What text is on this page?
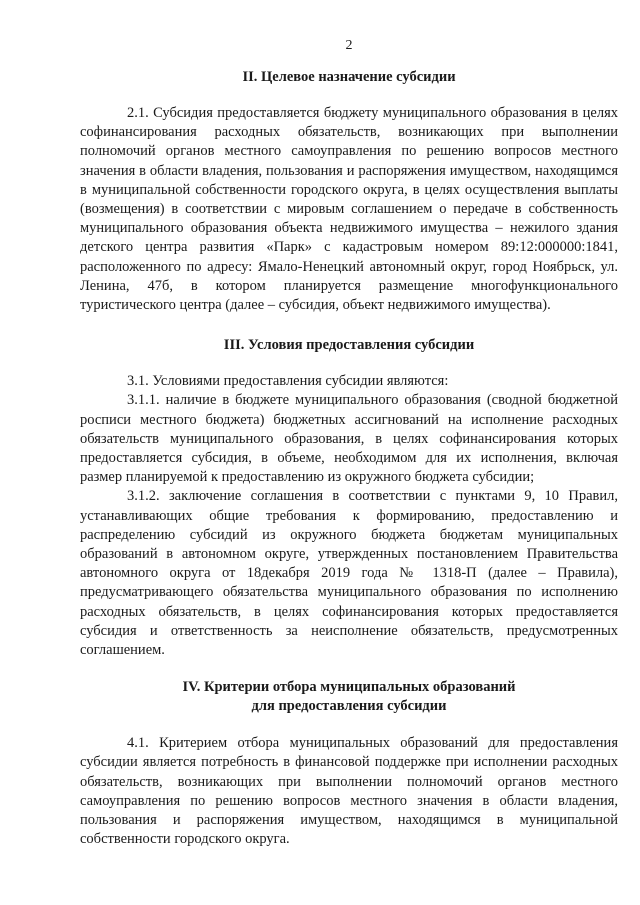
2
II. Целевое назначение субсидии

2.1. Субсидия предоставляется бюджету муниципального образования в целях софинансирования расходных обязательств, возникающих при выполнении полномочий органов местного самоуправления по решению вопросов местного значения в области владения, пользования и распоряжения имуществом, находящимся в муниципальной собственности городского округа, в целях осуществления выплаты (возмещения) в соответствии с мировым соглашением о передаче в собственность муниципального образования объекта недвижимого имущества – нежилого здания детского центра развития «Парк» с кадастровым номером 89:12:000000:1841, расположенного по адресу: Ямало-Ненецкий автономный округ, город Ноябрьск, ул. Ленина, 47б, в котором планируется размещение многофункционального туристического центра (далее – субсидия, объект недвижимого имущества).

III. Условия предоставления субсидии

3.1. Условиями предоставления субсидии являются:

3.1.1. наличие в бюджете муниципального образования (сводной бюджетной росписи местного бюджета) бюджетных ассигнований на исполнение расходных обязательств муниципального образования, в целях софинансирования которых предоставляется субсидия, в объеме, необходимом для их исполнения, включая размер планируемой к предоставлению из окружного бюджета субсидии;

3.1.2. заключение соглашения в соответствии с пунктами 9, 10 Правил, устанавливающих общие требования к формированию, предоставлению и распределению субсидий из окружного бюджета бюджетам муниципальных образований в автономном округе, утвержденных постановлением Правительства автономного округа от 18декабря 2019 года № 1318-П (далее – Правила), предусматривающего обязательства муниципального образования по исполнению расходных обязательств, в целях софинансирования которых предоставляется субсидия и ответственность за неисполнение обязательств, предусмотренных соглашением.

IV. Критерии отбора муниципальных образований
для предоставления субсидии

4.1. Критерием отбора муниципальных образований для предоставления субсидии является потребность в финансовой поддержке при исполнении расходных обязательств, возникающих при выполнении полномочий органов местного самоуправления по решению вопросов местного значения в области владения, пользования и распоряжения имуществом, находящимся в муниципальной собственности городского округа.
